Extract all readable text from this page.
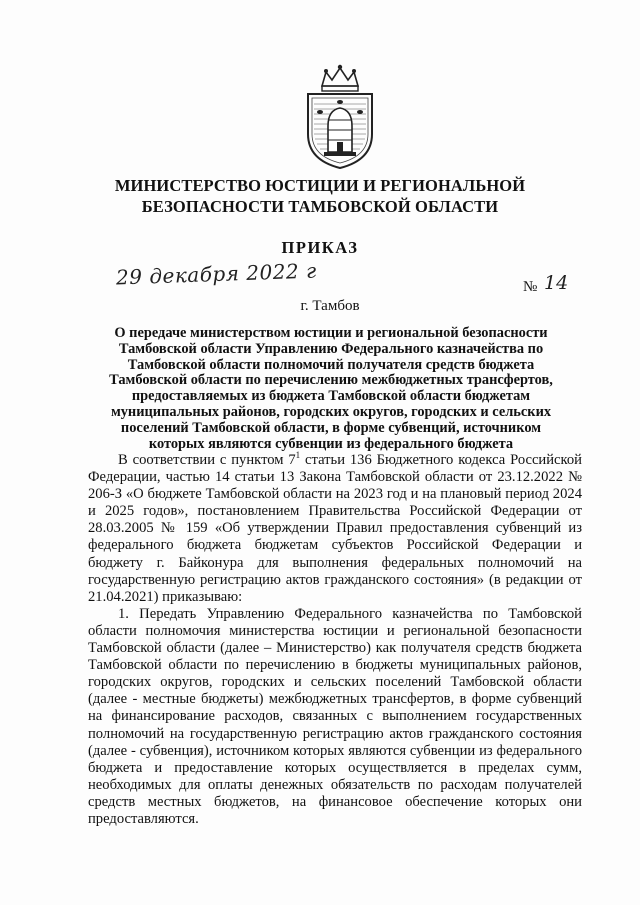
МИНИСТЕРСТВО ЮСТИЦИИ И РЕГИОНАЛЬНОЙ
БЕЗОПАСНОСТИ ТАМБОВСКОЙ ОБЛАСТИ
ПРИКАЗ
29 декабря 2022 г	№ 14
г. Тамбов
О передаче министерством юстиции и региональной безопасности
Тамбовской области Управлению Федерального казначейства по
Тамбовской области полномочий получателя средств бюджета
Тамбовской области по перечислению межбюджетных трансфертов,
предоставляемых из бюджета Тамбовской области бюджетам
муниципальных районов, городских округов, городских и сельских
поселений Тамбовской области, в форме субвенций, источником
которых являются субвенции из федерального бюджета

В соответствии с пунктом $7^1$ статьи 136 Бюджетного кодекса Российской Федерации, частью 14 статьи 13 Закона Тамбовской области от 23.12.2022 № 206-З «О бюджете Тамбовской области на 2023 год и на плановый период 2024 и 2025 годов», постановлением Правительства Российской Федерации от 28.03.2005 № 159 «Об утверждении Правил предоставления субвенций из федерального бюджета бюджетам субъектов Российской Федерации и бюджету г. Байконура для выполнения федеральных полномочий на государственную регистрацию актов гражданского состояния» (в редакции от 21.04.2021) приказываю:

1. Передать Управлению Федерального казначейства по Тамбовской области полномочия министерства юстиции и региональной безопасности Тамбовской области (далее – Министерство) как получателя средств бюджета Тамбовской области по перечислению в бюджеты муниципальных районов, городских округов, городских и сельских поселений Тамбовской области (далее - местные бюджеты) межбюджетных трансфертов, в форме субвенций на финансирование расходов, связанных с выполнением государственных полномочий на государственную регистрацию актов гражданского состояния (далее - субвенция), источником которых являются субвенции из федерального бюджета и предоставление которых осуществляется в пределах сумм, необходимых для оплаты денежных обязательств по расходам получателей средств местных бюджетов, на финансовое обеспечение которых они предоставляются.
